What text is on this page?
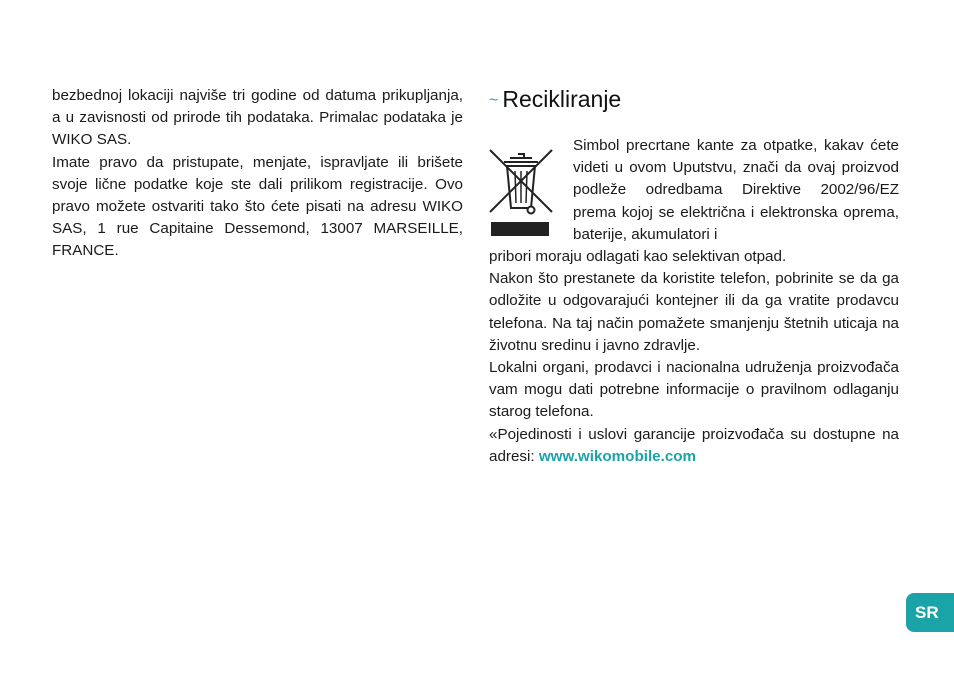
bezbednoj lokaciji najviše tri godine od datuma prikupljanja, a u zavisnosti od prirode tih podataka. Primalac podataka je WIKO SAS.

Imate pravo da pristupate, menjate, ispravljate ili brišete svoje lične podatke koje ste dali prilikom registracije. Ovo pravo možete ostvariti tako što ćete pisati na adresu WIKO SAS, 1 rue Capitaine Dessemond, 13007 MARSEILLE, FRANCE.

~ Recikliranje
Simbol precrtane kante za otpatke, kakav ćete videti u ovom Uputstvu, znači da ovaj proizvod podleže odredbama Direktive 2002/96/EZ prema kojoj se električna i elektronska oprema, baterije, akumulatori i

pribori moraju odlagati kao selektivan otpad.

Nakon što prestanete da koristite telefon, pobrinite se da ga odložite u odgovarajući kontejner ili da ga vratite prodavcu telefona. Na taj način pomažete smanjenju štetnih uticaja na životnu sredinu i javno zdravlje.

Lokalni organi, prodavci i nacionalna udruženja proizvođača vam mogu dati potrebne informacije o pravilnom odlaganju starog telefona.

«Pojedinosti i uslovi garancije proizvođača su dostupne na adresi: www.wikomobile.com

SR
